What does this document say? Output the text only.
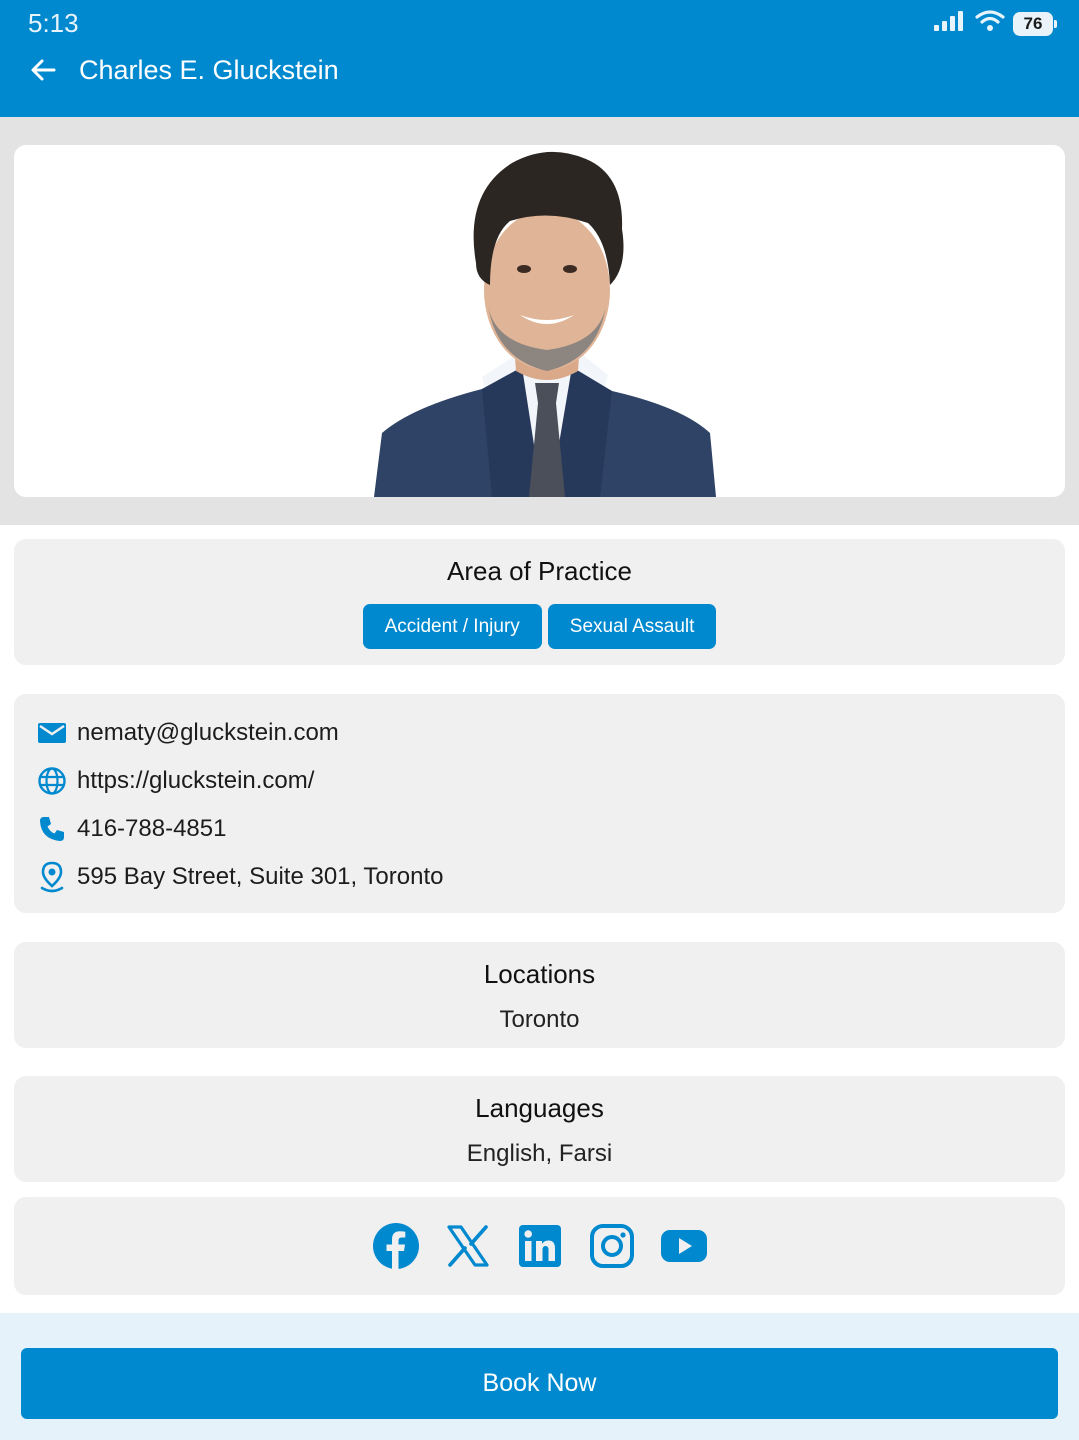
5:13	76
Charles E. Gluckstein
Area of Practice
Accident / Injury	Sexual Assault
nematy@gluckstein.com
https://gluckstein.com/
416-788-4851
595 Bay Street, Suite 301, Toronto
Locations
Toronto
Languages
English, Farsi
Book Now
